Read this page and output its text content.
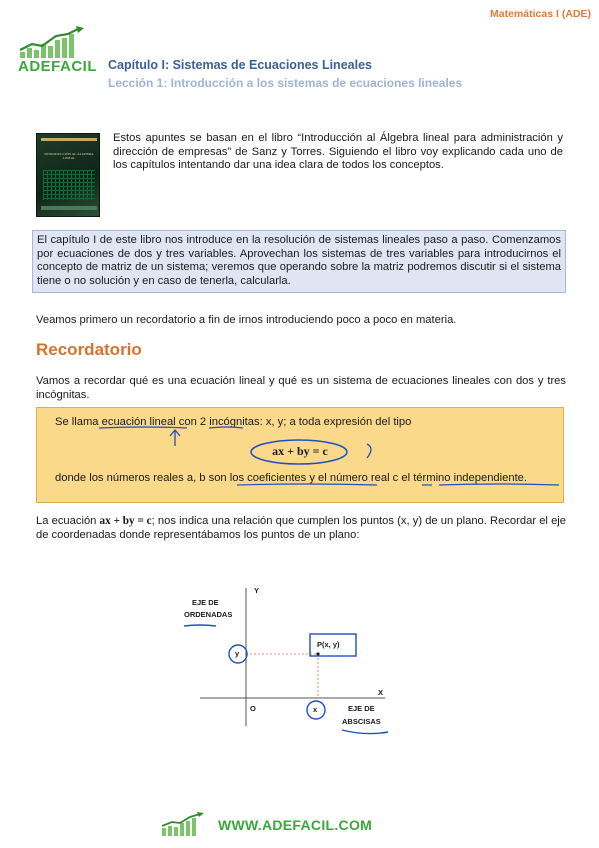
Matemáticas I (ADE)
ADEFACIL Capítulo I: Sistemas de Ecuaciones Lineales
Lección 1: Introducción a los sistemas de ecuaciones lineales
INTRODUCCIÓN AL ÁLGEBRA LINEAL
Estos apuntes se basan en el libro “Introducción al Álgebra lineal para administración y dirección de empresas” de Sanz y Torres. Siguiendo el libro voy explicando cada uno de los capítulos intentando dar una idea clara de todos los conceptos.
El capítulo I de este libro nos introduce en la resolución de sistemas lineales paso a paso. Comenzamos por ecuaciones de dos y tres variables. Aprovechan los sistemas de tres variables para introducirnos el concepto de matriz de un sistema; veremos que operando sobre la matriz podremos discutir si el sistema tiene o no solución y en caso de tenerla, calcularla.
Veamos primero un recordatorio a fin de irnos introduciendo poco a poco en materia.
Recordatorio
Vamos a recordar qué es una ecuación lineal y qué es un sistema de ecuaciones lineales con dos y tres incógnitas.
Se llama ecuación lineal con 2 incógnitas: x, y; a toda expresión del tipo
ax + by = c
donde los números reales a, b son los coeficientes y el número real c el término independiente.
La ecuación ax + by = c; nos indica una relación que cumplen los puntos (x, y) de un plano. Recordar el eje de coordenadas donde representábamos los puntos de un plano:
Y
X
O
EJE DE
ORDENADAS
EJE DE
ABSCISAS
P(x, y)
y
x
WWW.ADEFACIL.COM
